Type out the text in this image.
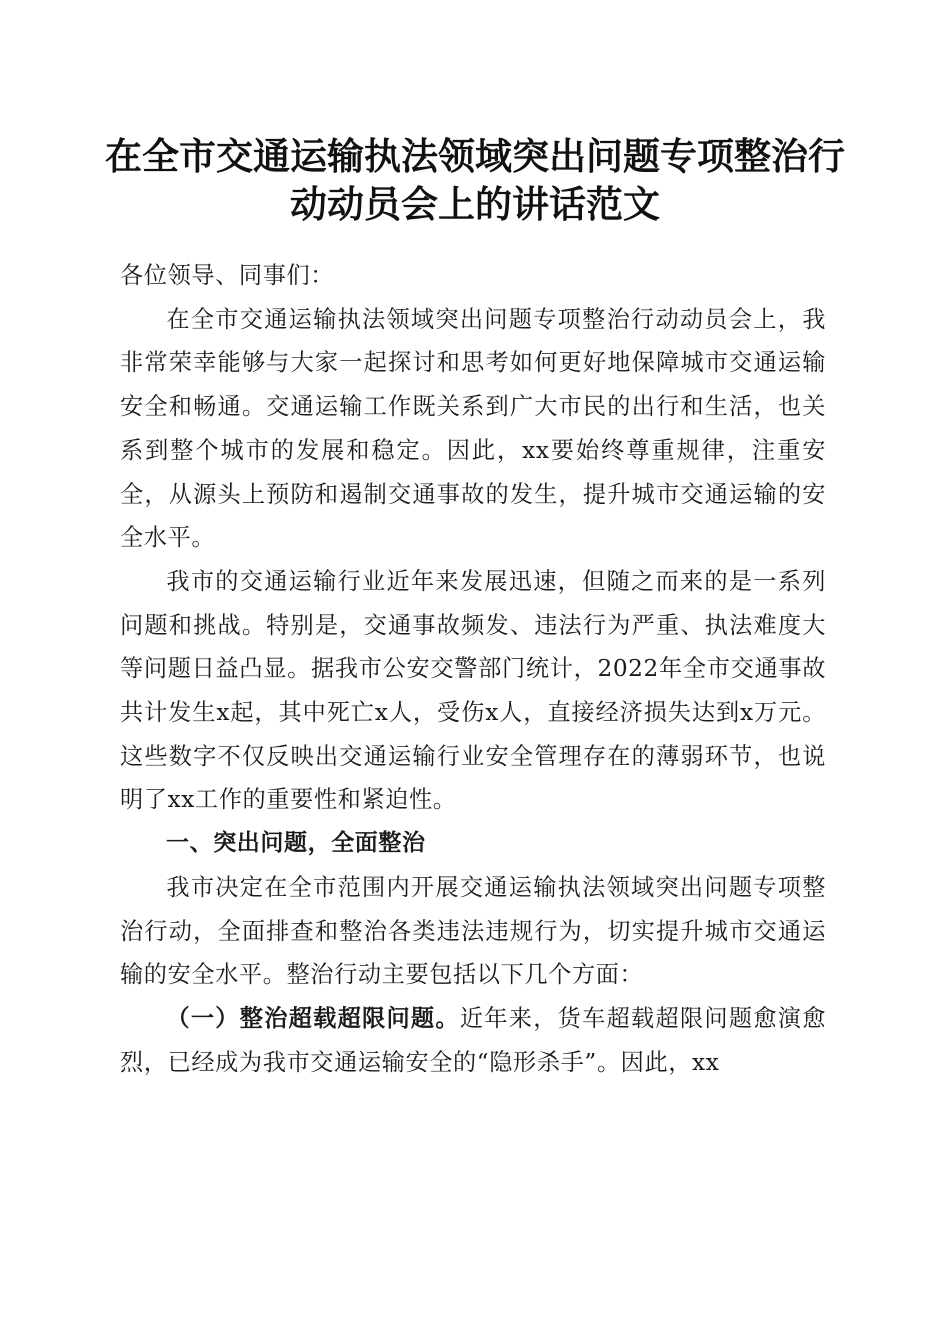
在全市交通运输执法领域突出问题专项整治行
动动员会上的讲话范文

各位领导、同事们：

在全市交通运输执法领域突出问题专项整治行动动员会上，我非常荣幸能够与大家一起探讨和思考如何更好地保障城市交通运输安全和畅通。交通运输工作既关系到广大市民的出行和生活，也关系到整个城市的发展和稳定。因此，xx要始终尊重规律，注重安全，从源头上预防和遏制交通事故的发生，提升城市交通运输的安全水平。

我市的交通运输行业近年来发展迅速，但随之而来的是一系列问题和挑战。特别是，交通事故频发、违法行为严重、执法难度大等问题日益凸显。据我市公安交警部门统计，2022年全市交通事故共计发生x起，其中死亡x人，受伤x人，直接经济损失达到x万元。这些数字不仅反映出交通运输行业安全管理存在的薄弱环节，也说明了xx工作的重要性和紧迫性。

一、突出问题，全面整治

我市决定在全市范围内开展交通运输执法领域突出问题专项整治行动，全面排查和整治各类违法违规行为，切实提升城市交通运输的安全水平。整治行动主要包括以下几个方面：

（一）整治超载超限问题。近年来，货车超载超限问题愈演愈烈，已经成为我市交通运输安全的“隐形杀手”。因此，xx
